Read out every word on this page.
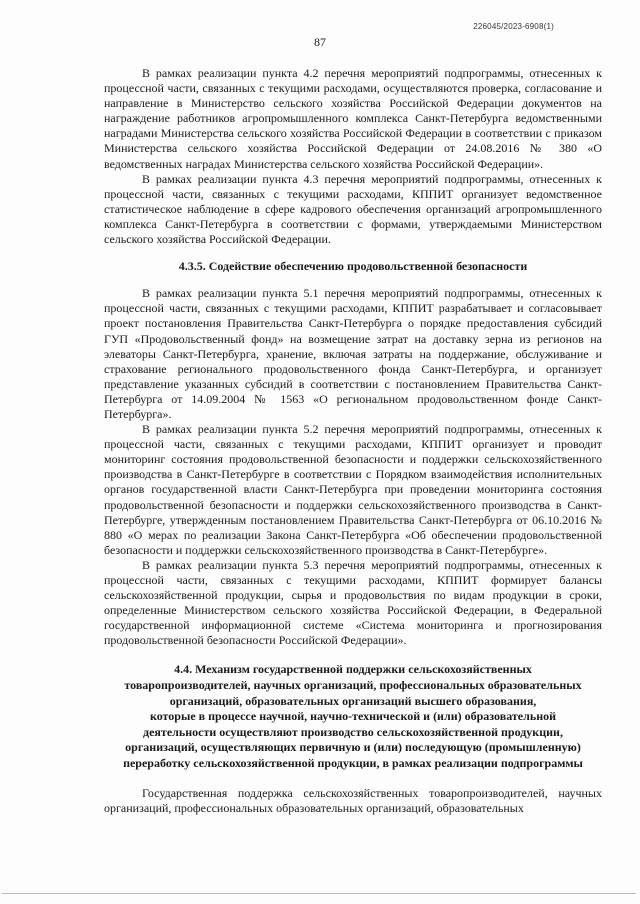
226045/2023-6908(1)
87

В рамках реализации пункта 4.2 перечня мероприятий подпрограммы, отнесенных к процессной части, связанных с текущими расходами, осуществляются проверка, согласование и направление в Министерство сельского хозяйства Российской Федерации документов на награждение работников агропромышленного комплекса Санкт-Петербурга ведомственными наградами Министерства сельского хозяйства Российской Федерации в соответствии с приказом Министерства сельского хозяйства Российской Федерации от 24.08.2016 № 380 «О ведомственных наградах Министерства сельского хозяйства Российской Федерации».

В рамках реализации пункта 4.3 перечня мероприятий подпрограммы, отнесенных к процессной части, связанных с текущими расходами, КППИТ организует ведомственное статистическое наблюдение в сфере кадрового обеспечения организаций агропромышленного комплекса Санкт-Петербурга в соответствии с формами, утверждаемыми Министерством сельского хозяйства Российской Федерации.

4.3.5. Содействие обеспечению продовольственной безопасности

В рамках реализации пункта 5.1 перечня мероприятий подпрограммы, отнесенных к процессной части, связанных с текущими расходами, КППИТ разрабатывает и согласовывает проект постановления Правительства Санкт-Петербурга о порядке предоставления субсидий ГУП «Продовольственный фонд» на возмещение затрат на доставку зерна из регионов на элеваторы Санкт-Петербурга, хранение, включая затраты на поддержание, обслуживание и страхование регионального продовольственного фонда Санкт-Петербурга, и организует представление указанных субсидий в соответствии с постановлением Правительства Санкт-Петербурга от 14.09.2004 № 1563 «О региональном продовольственном фонде Санкт-Петербурга».

В рамках реализации пункта 5.2 перечня мероприятий подпрограммы, отнесенных к процессной части, связанных с текущими расходами, КППИТ организует и проводит мониторинг состояния продовольственной безопасности и поддержки сельскохозяйственного производства в Санкт-Петербурге в соответствии с Порядком взаимодействия исполнительных органов государственной власти Санкт-Петербурга при проведении мониторинга состояния продовольственной безопасности и поддержки сельскохозяйственного производства в Санкт-Петербурге, утвержденным постановлением Правительства Санкт-Петербурга от 06.10.2016 № 880 «О мерах по реализации Закона Санкт-Петербурга «Об обеспечении продовольственной безопасности и поддержки сельскохозяйственного производства в Санкт-Петербурге».

В рамках реализации пункта 5.3 перечня мероприятий подпрограммы, отнесенных к процессной части, связанных с текущими расходами, КППИТ формирует балансы сельскохозяйственной продукции, сырья и продовольствия по видам продукции в сроки, определенные Министерством сельского хозяйства Российской Федерации, в Федеральной государственной информационной системе «Система мониторинга и прогнозирования продовольственной безопасности Российской Федерации».

4.4. Механизм государственной поддержки сельскохозяйственных
товаропроизводителей, научных организаций, профессиональных образовательных
организаций, образовательных организаций высшего образования,
которые в процессе научной, научно-технической и (или) образовательной
деятельности осуществляют производство сельскохозяйственной продукции,
организаций, осуществляющих первичную и (или) последующую (промышленную)
переработку сельскохозяйственной продукции, в рамках реализации подпрограммы

Государственная поддержка сельскохозяйственных товаропроизводителей, научных организаций, профессиональных образовательных организаций, образовательных
